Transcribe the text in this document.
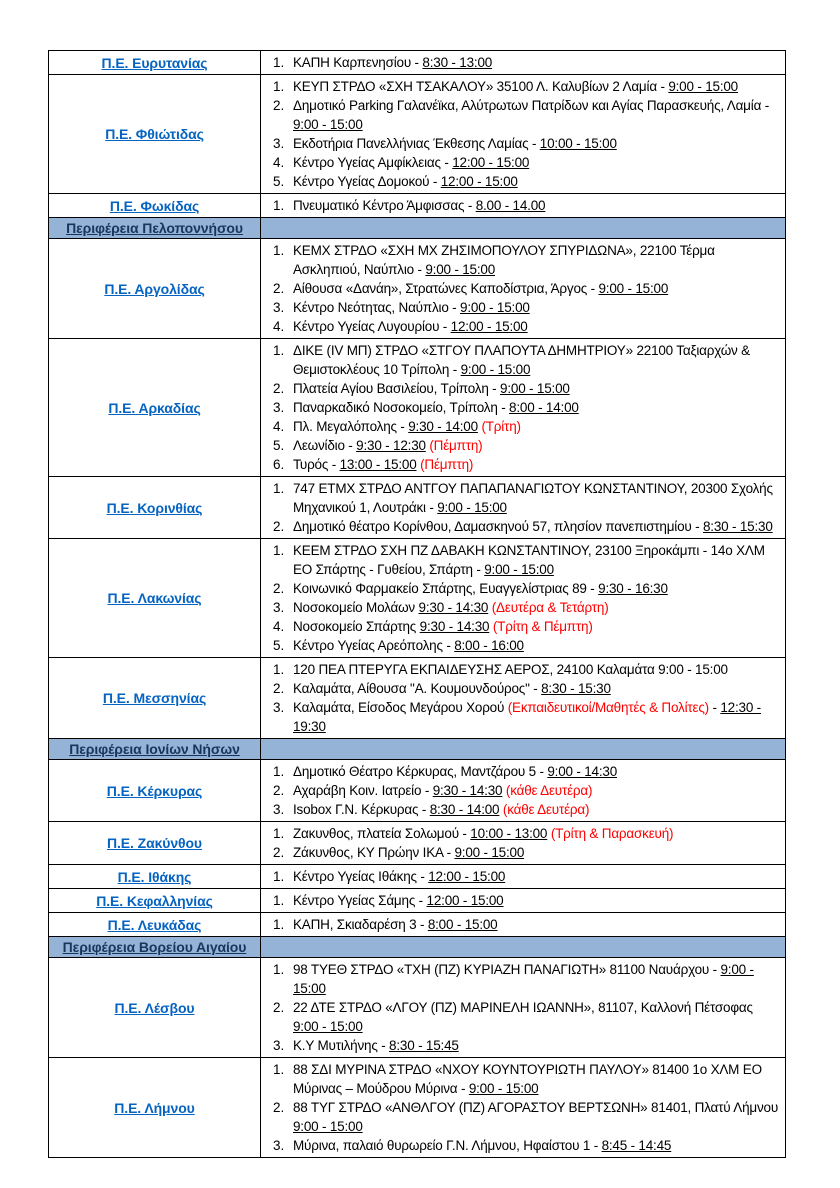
Π.Ε. Ευρυτανίας	1. ΚΑΠΗ Καρπενησίου - 8:30 - 13:00
Π.Ε. Φθιώτιδας
1. ΚΕΥΠ ΣΤΡΔΟ «ΣΧΗ ΤΣΑΚΑΛΟΥ» 35100 Λ. Καλυβίων 2 Λαμία - 9:00 - 15:00
2. Δημοτικό Parking Γαλανέϊκα, Αλύτρωτων Πατρίδων και Αγίας Παρασκευής, Λαμία - 9:00 - 15:00
3. Εκδοτήρια Πανελλήνιας Έκθεσης Λαμίας - 10:00 - 15:00
4. Κέντρο Υγείας Αμφίκλειας - 12:00 - 15:00
5. Κέντρο Υγείας Δομοκού - 12:00 - 15:00
Π.Ε. Φωκίδας	1. Πνευματικό Κέντρο Άμφισσας - 8.00 - 14.00
Περιφέρεια Πελοποννήσου
Π.Ε. Αργολίδας
1. ΚΕΜΧ ΣΤΡΔΟ «ΣΧΗ ΜΧ ΖΗΣΙΜΟΠΟΥΛΟΥ ΣΠΥΡΙΔΩΝΑ», 22100 Τέρμα Ασκληπιού, Ναύπλιο - 9:00 - 15:00
2. Αίθουσα «Δανάη», Στρατώνες Καποδίστρια, Άργος - 9:00 - 15:00
3. Κέντρο Νεότητας, Ναύπλιο - 9:00 - 15:00
4. Κέντρο Υγείας Λυγουρίου - 12:00 - 15:00
Π.Ε. Αρκαδίας
1. ΔΙΚΕ (IV ΜΠ) ΣΤΡΔΟ «ΣΤΓΟΥ ΠΛΑΠΟΥΤΑ ΔΗΜΗΤΡΙΟΥ» 22100 Ταξιαρχών & Θεμιστοκλέους 10 Τρίπολη - 9:00 - 15:00
2. Πλατεία Αγίου Βασιλείου, Τρίπολη - 9:00 - 15:00
3. Παναρκαδικό Νοσοκομείο, Τρίπολη - 8:00 - 14:00
4. Πλ. Μεγαλόπολης - 9:30 - 14:00 (Τρίτη)
5. Λεωνίδιο - 9:30 - 12:30 (Πέμπτη)
6. Τυρός - 13:00 - 15:00 (Πέμπτη)
Π.Ε. Κορινθίας
1. 747 ΕΤΜΧ ΣΤΡΔΟ ΑΝΤΓΟΥ ΠΑΠΑΠΑΝΑΓΙΩΤΟΥ ΚΩΝΣΤΑΝΤΙΝΟΥ, 20300 Σχολής Μηχανικού 1, Λουτράκι - 9:00 - 15:00
2. Δημοτικό θέατρο Κορίνθου, Δαμασκηνού 57, πλησίον πανεπιστημίου - 8:30 - 15:30
Π.Ε. Λακωνίας
1. ΚΕΕΜ ΣΤΡΔΟ ΣΧΗ ΠΖ ΔΑΒΑΚΗ ΚΩΝΣΤΑΝΤΙΝΟΥ, 23100 Ξηροκάμπι - 14ο ΧΛΜ ΕΟ Σπάρτης - Γυθείου, Σπάρτη - 9:00 - 15:00
2. Κοινωνικό Φαρμακείο Σπάρτης, Ευαγγελίστριας 89 - 9:30 - 16:30
3. Νοσοκομείο Μολάων 9:30 - 14:30 (Δευτέρα & Τετάρτη)
4. Νοσοκομείο Σπάρτης 9:30 - 14:30 (Τρίτη & Πέμπτη)
5. Κέντρο Υγείας Αρεόπολης - 8:00 - 16:00
Π.Ε. Μεσσηνίας
1. 120 ΠΕΑ ΠΤΕΡΥΓΑ ΕΚΠΑΙΔΕΥΣΗΣ ΑΕΡΟΣ, 24100 Καλαμάτα 9:00 - 15:00
2. Καλαμάτα, Αίθουσα "Α. Κουμουνδούρος" - 8:30 - 15:30
3. Καλαμάτα, Είσοδος Μεγάρου Χορού (Εκπαιδευτικοί/Μαθητές & Πολίτες) - 12:30 - 19:30
Περιφέρεια Ιονίων Νήσων
Π.Ε. Κέρκυρας
1. Δημοτικό Θέατρο Κέρκυρας, Μαντζάρου 5 - 9:00 - 14:30
2. Αχαράβη Κοιν. Ιατρείο - 9:30 - 14:30 (κάθε Δευτέρα)
3. Isobox Γ.Ν. Κέρκυρας - 8:30 - 14:00 (κάθε Δευτέρα)
Π.Ε. Ζακύνθου
1. Ζακυνθος, πλατεία Σολωμού - 10:00 - 13:00 (Τρίτη & Παρασκευή)
2. Ζάκυνθος, ΚΥ Πρώην ΙΚΑ - 9:00 - 15:00
Π.Ε. Ιθάκης	1. Κέντρο Υγείας Ιθάκης - 12:00 - 15:00
Π.Ε. Κεφαλληνίας	1. Κέντρο Υγείας Σάμης - 12:00 - 15:00
Π.Ε. Λευκάδας	1. ΚΑΠΗ, Σκιαδαρέση 3 - 8:00 - 15:00
Περιφέρεια Βορείου Αιγαίου
Π.Ε. Λέσβου
1. 98 ΤΥΕΘ ΣΤΡΔΟ «ΤΧΗ (ΠΖ) ΚΥΡΙΑΖΗ ΠΑΝΑΓΙΩΤΗ» 81100 Ναυάρχου - 9:00 - 15:00
2. 22 ΔΤΕ ΣΤΡΔΟ «ΛΓΟΥ (ΠΖ) ΜΑΡΙΝΕΛΗ ΙΩΑΝΝΗ», 81107, Καλλονή Πέτσοφας 9:00 - 15:00
3. Κ.Υ Μυτιλήνης - 8:30 - 15:45
Π.Ε. Λήμνου
1. 88 ΣΔΙ ΜΥΡΙΝΑ ΣΤΡΔΟ «ΝΧΟΥ ΚΟΥΝΤΟΥΡΙΩΤΗ ΠΑΥΛΟΥ» 81400 1ο ΧΛΜ ΕΟ Μύρινας – Μούδρου Μύρινα - 9:00 - 15:00
2. 88 ΤΥΓ ΣΤΡΔΟ «ΑΝΘΛΓΟΥ (ΠΖ) ΑΓΟΡΑΣΤΟΥ ΒΕΡΤΣΩΝΗ» 81401, Πλατύ Λήμνου 9:00 - 15:00
3. Μύρινα, παλαιό θυρωρείο Γ.Ν. Λήμνου, Ηφαίστου 1 - 8:45 - 14:45
